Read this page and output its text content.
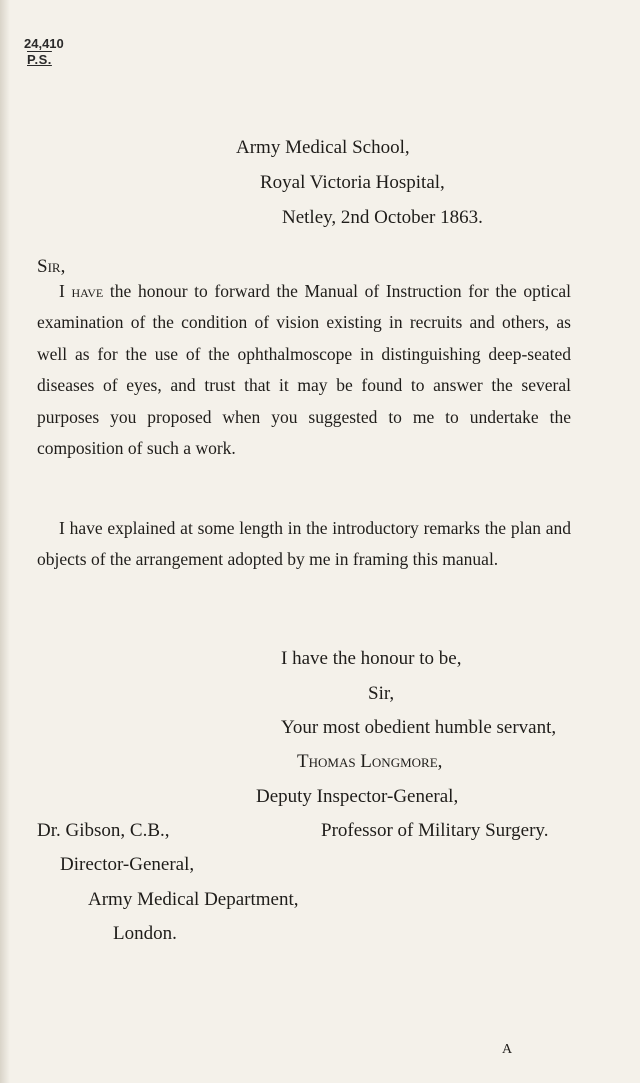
24,410
P.S.
Army Medical School,
Royal Victoria Hospital,
Netley, 2nd October 1863.
Sir,

I have the honour to forward the Manual of Instruction for the optical examination of the condition of vision existing in recruits and others, as well as for the use of the ophthalmoscope in distinguishing deep-seated diseases of eyes, and trust that it may be found to answer the several purposes you proposed when you suggested to me to undertake the composition of such a work.

I have explained at some length in the introductory remarks the plan and objects of the arrangement adopted by me in framing this manual.

I have the honour to be,
Sir,
Your most obedient humble servant,
Thomas Longmore,
Deputy Inspector-General,
Professor of Military Surgery.
Dr. Gibson, C.B.,
Director-General,
Army Medical Department,
London.
A
